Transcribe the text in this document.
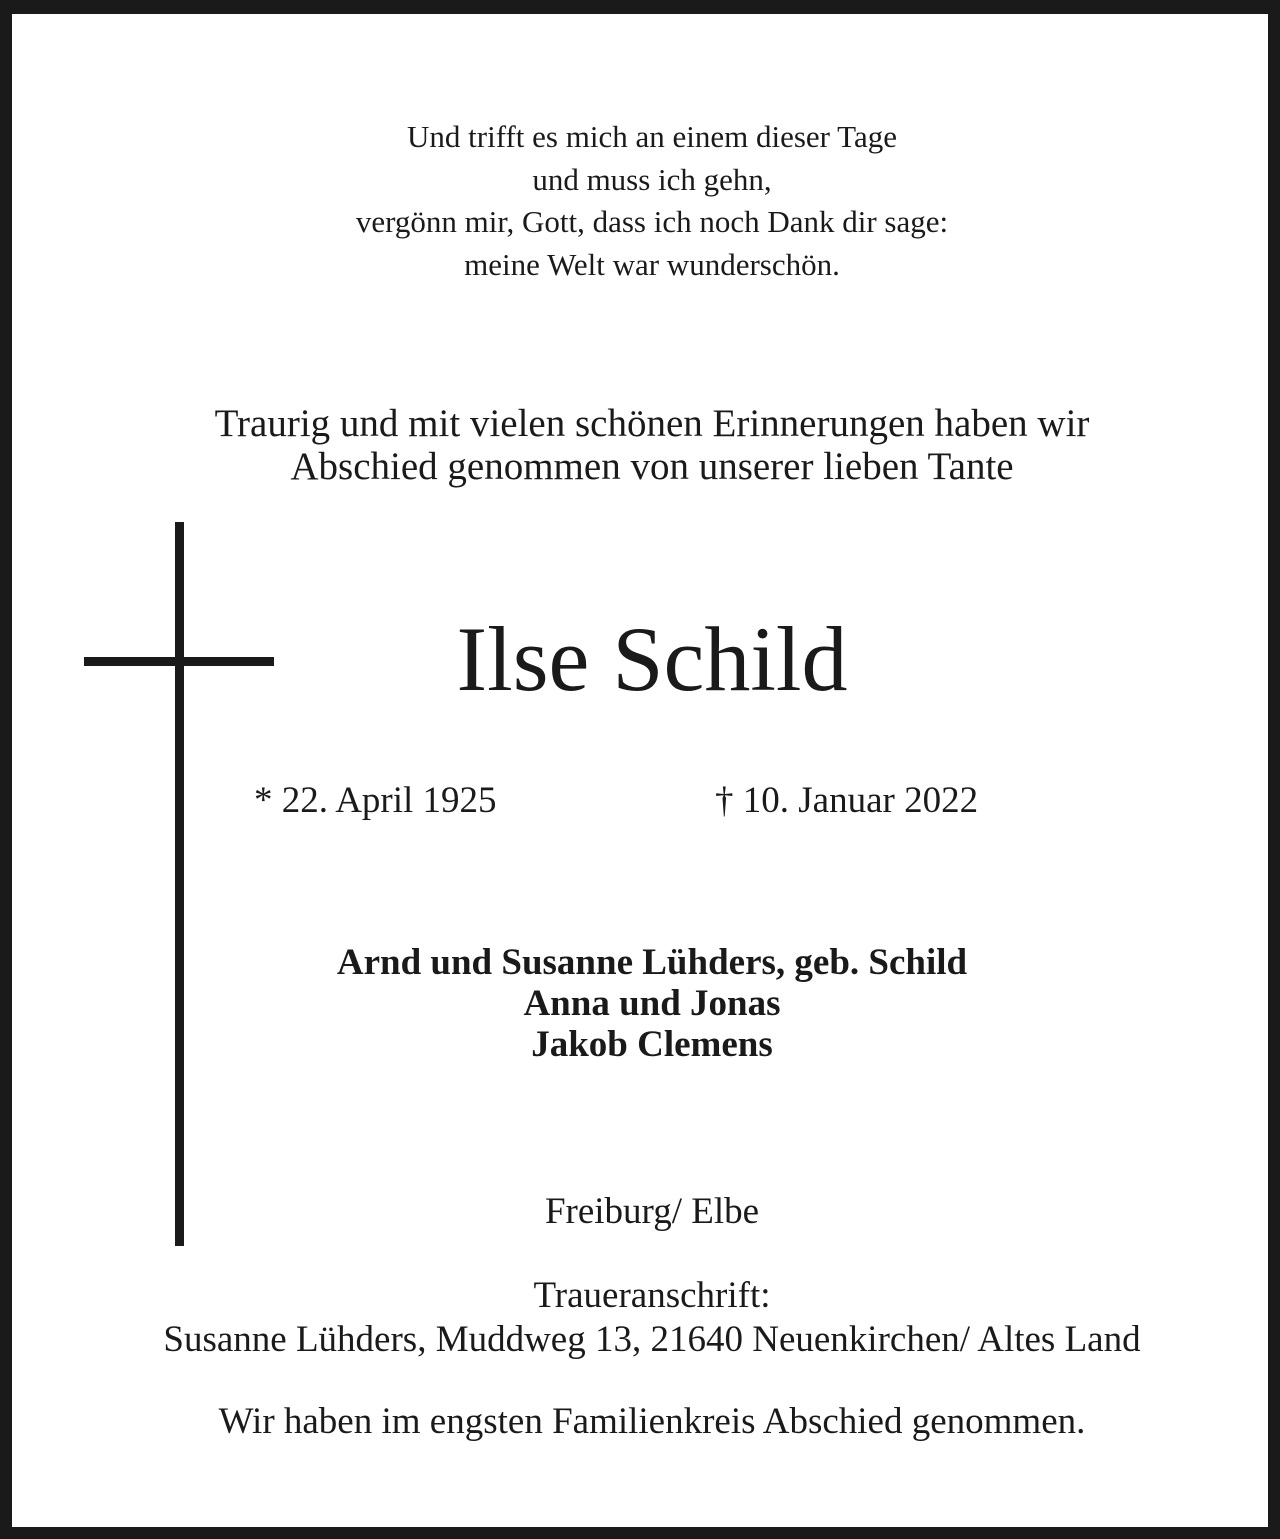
Und trifft es mich an einem dieser Tage
und muss ich gehn,
vergönn mir, Gott, dass ich noch Dank dir sage:
meine Welt war wunderschön.
Traurig und mit vielen schönen Erinnerungen haben wir
Abschied genommen von unserer lieben Tante
Ilse Schild
* 22. April 1925	† 10. Januar 2022
Arnd und Susanne Lühders, geb. Schild
Anna und Jonas
Jakob Clemens
Freiburg/ Elbe
Traueranschrift:
Susanne Lühders, Muddweg 13, 21640 Neuenkirchen/ Altes Land
Wir haben im engsten Familienkreis Abschied genommen.
